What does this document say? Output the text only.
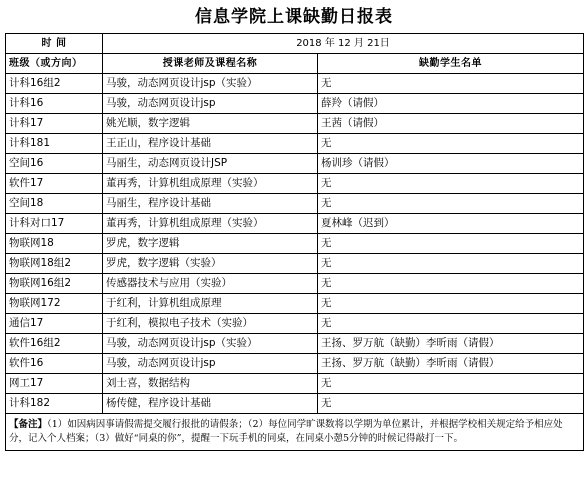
信息学院上课缺勤日报表
时 间	2018 年 12 月 21日	
班级（或方向）	授课老师及课程名称	缺勤学生名单
计科16组2	马骏，动态网页设计jsp（实验）	无
计科16	马骏，动态网页设计jsp	薛羚（请假）
计科17	姚光顺，数字逻辑	王茜（请假）
计科181	王正山，程序设计基础	无
空间16	马丽生，动态网页设计JSP	杨训珍（请假）
软件17	董再秀，计算机组成原理（实验）	无
空间18	马丽生，程序设计基础	无
计科对口17	董再秀，计算机组成原理（实验）	夏林峰（迟到）
物联网18	罗虎，数字逻辑	无
物联网18组2	罗虎，数字逻辑（实验）	无
物联网16组2	传感器技术与应用（实验）	无
物联网172	于红利，计算机组成原理	无
通信17	于红利，模拟电子技术（实验）	无
软件16组2	马骏，动态网页设计jsp（实验）	王扬、罗万航（缺勤）李昕雨（请假）
软件16	马骏，动态网页设计jsp	王扬、罗万航（缺勤）李昕雨（请假）
网工17	刘士喜，数据结构	无
计科182	杨传健，程序设计基础	无
【备注】（1）如因病因事请假需提交履行报批的请假条；（2）每位同学旷课数将以学期为单位累计，并根据学校相关规定给予相应处分，记入个人档案；（3）做好“同桌的你”，提醒一下玩手机的同桌，在同桌小憩5分钟的时候记得敲打一下。		
